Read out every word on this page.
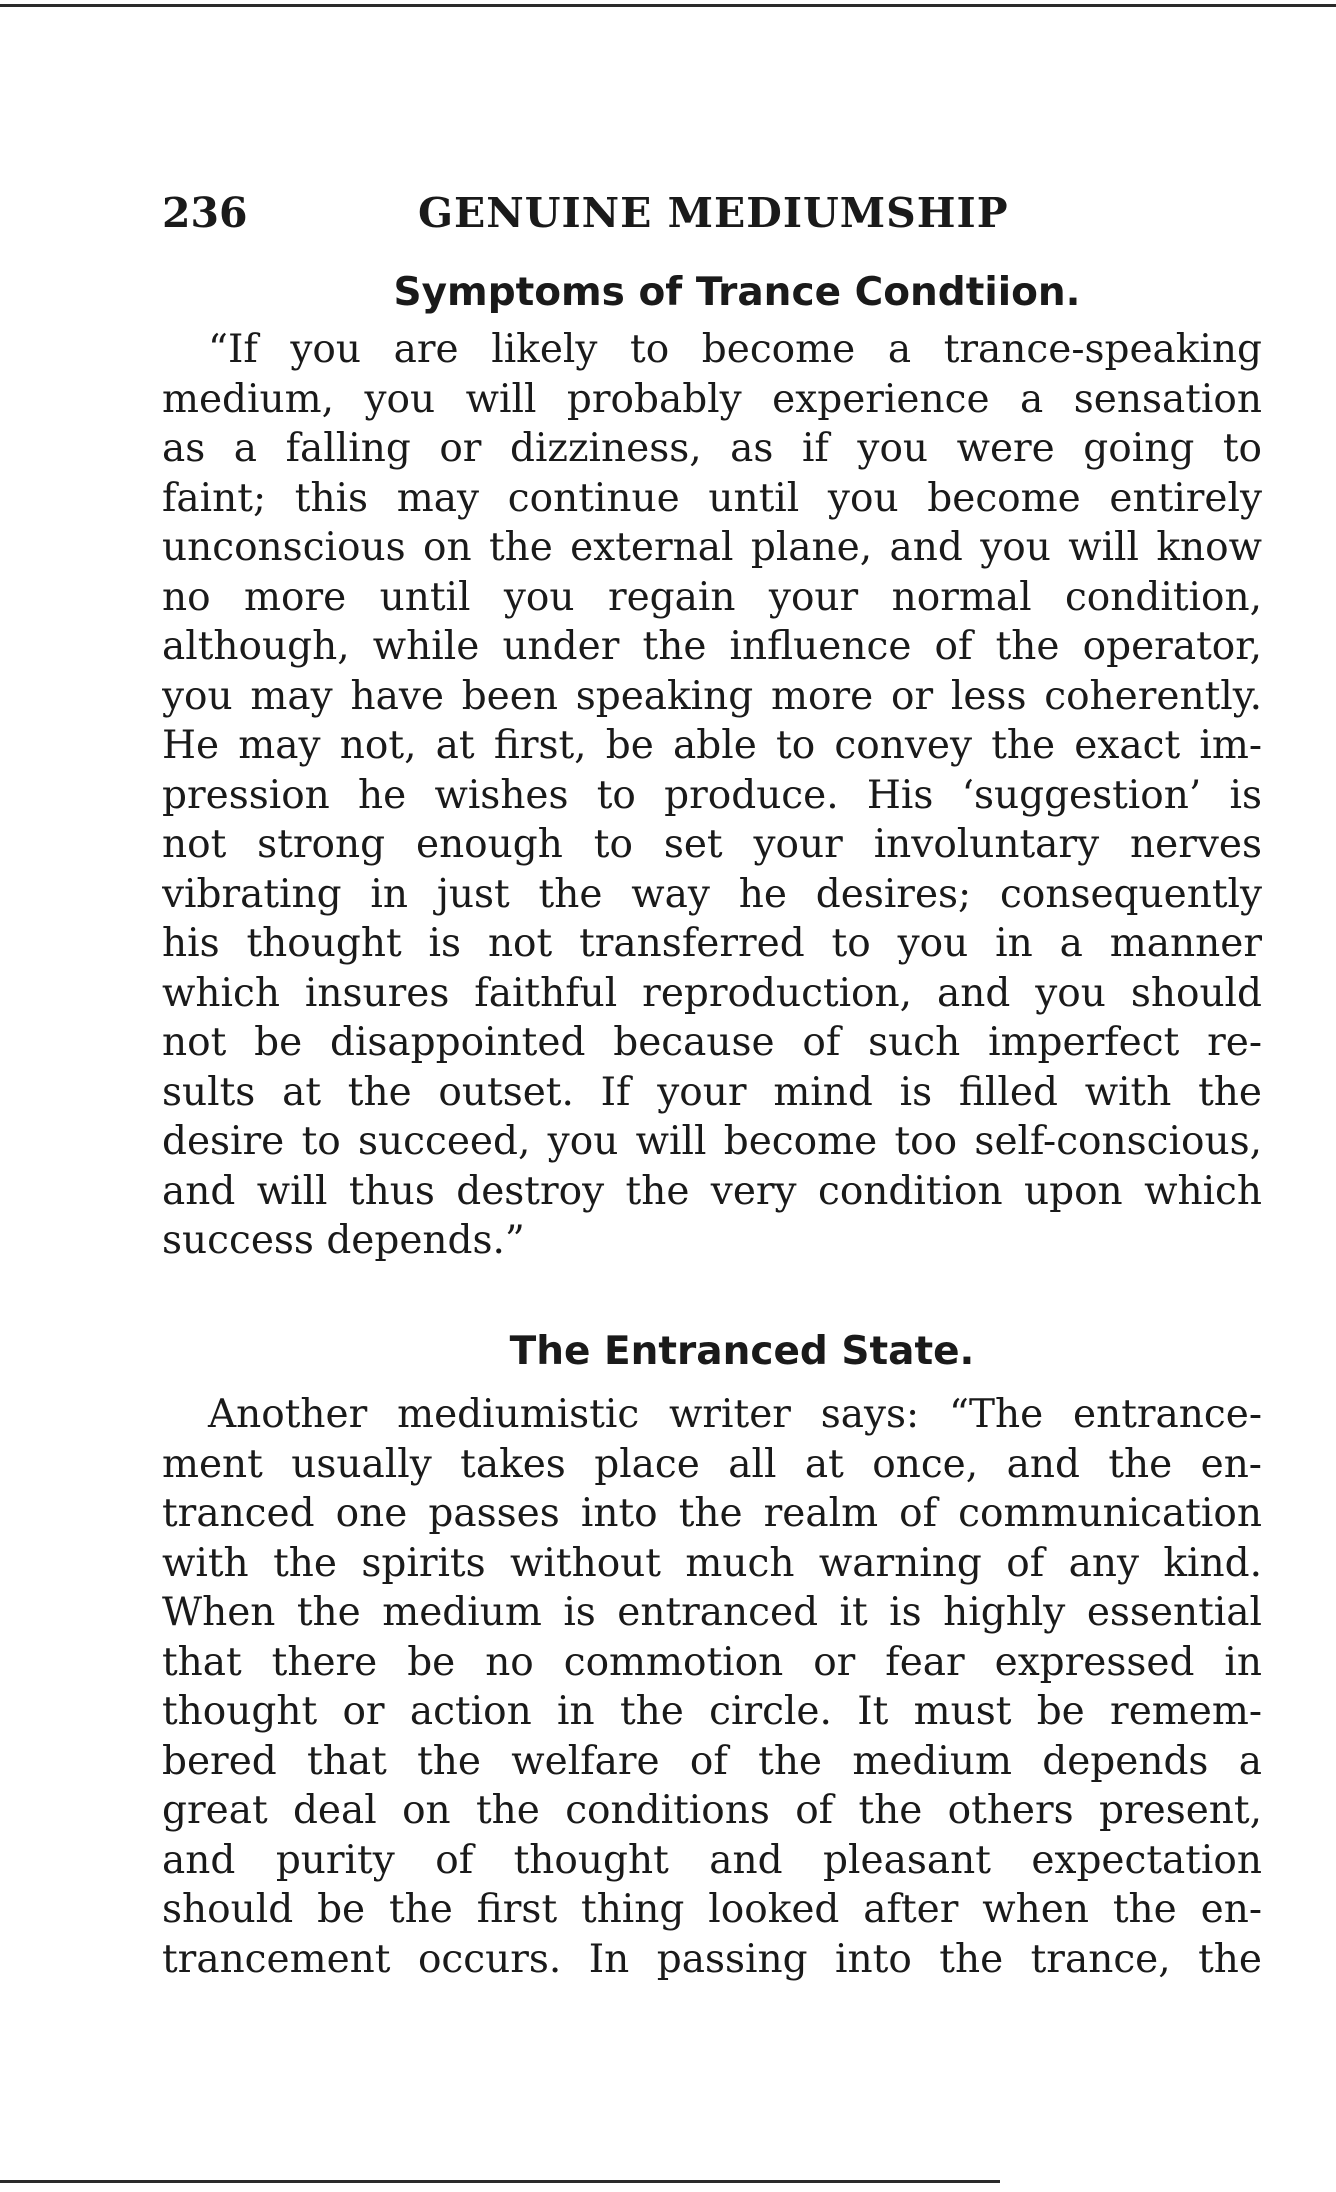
236	GENUINE MEDIUMSHIP
Symptoms of Trance Condtiion.
“If you are likely to become a trance-speaking
medium, you will probably experience a sensation
as a falling or dizziness, as if you were going to
faint; this may continue until you become entirely
unconscious on the external plane, and you will know
no more until you regain your normal condition,
although, while under the influence of the operator,
you may have been speaking more or less coherently.
He may not, at first, be able to convey the exact im-
pression he wishes to produce. His ‘suggestion’ is
not strong enough to set your involuntary nerves
vibrating in just the way he desires; consequently
his thought is not transferred to you in a manner
which insures faithful reproduction, and you should
not be disappointed because of such imperfect re-
sults at the outset. If your mind is filled with the
desire to succeed, you will become too self-conscious,
and will thus destroy the very condition upon which
success depends.”
The Entranced State.
Another mediumistic writer says: “The entrance-
ment usually takes place all at once, and the en-
tranced one passes into the realm of communication
with the spirits without much warning of any kind.
When the medium is entranced it is highly essential
that there be no commotion or fear expressed in
thought or action in the circle. It must be remem-
bered that the welfare of the medium depends a
great deal on the conditions of the others present,
and purity of thought and pleasant expectation
should be the first thing looked after when the en-
trancement occurs. In passing into the trance, the
